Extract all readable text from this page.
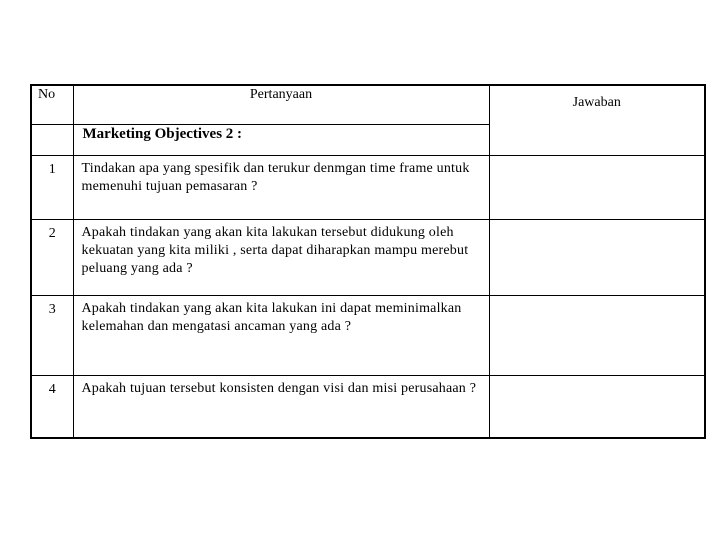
No	Pertanyaan	Jawaban
	Marketing Objectives 2 :	
1	Tindakan apa yang spesifik dan terukur denmgan time frame untuk memenuhi tujuan pemasaran ?	
2	Apakah tindakan yang akan kita lakukan tersebut didukung oleh kekuatan yang kita miliki , serta dapat diharapkan mampu merebut peluang yang ada ?	
3	Apakah tindakan yang akan kita lakukan ini dapat meminimalkan kelemahan dan mengatasi ancaman yang ada ?	
4	Apakah tujuan tersebut konsisten dengan visi dan misi perusahaan ?	
